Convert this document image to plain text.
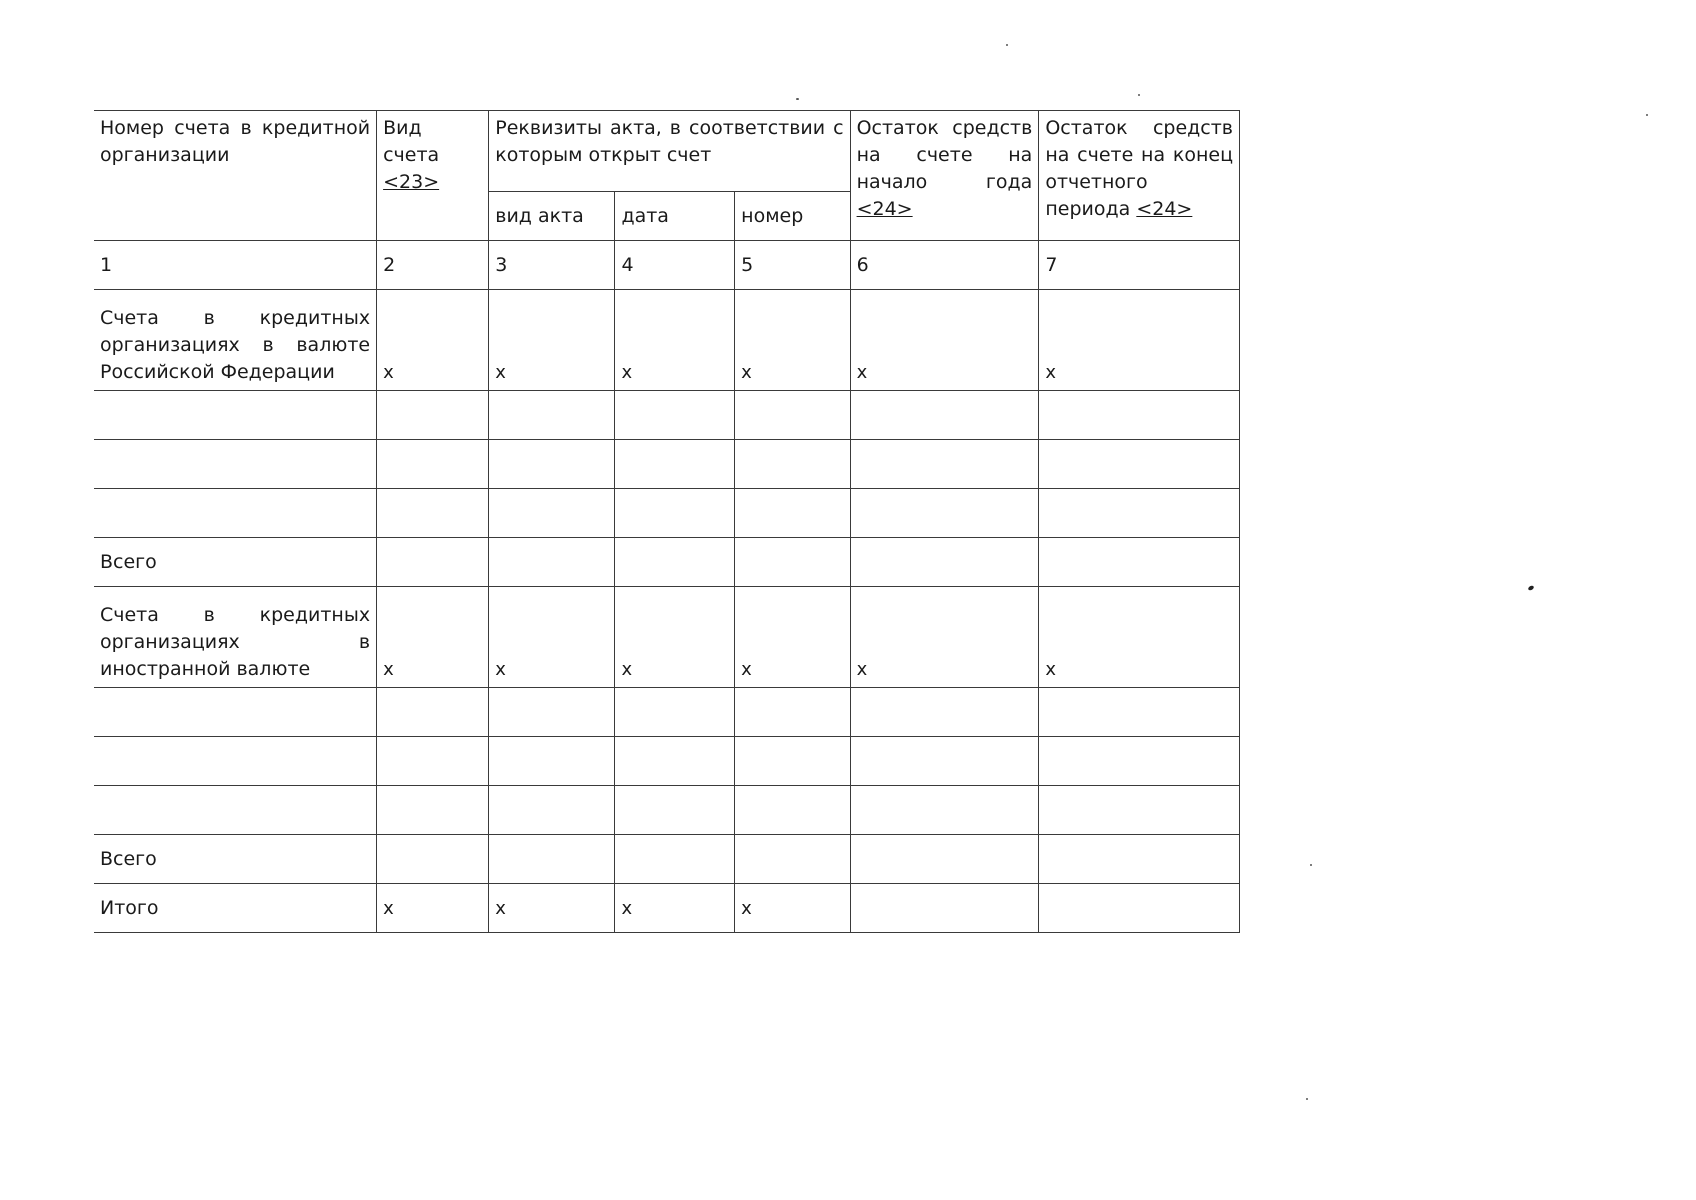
Номер счета в кредитной организации	Вид счета <23>	Реквизиты акта, в соответствии с которым открыт счет			Остаток средств на счете на начало года <24>	Остаток средств на счете на конец отчетного периода <24>
		вид акта	дата	номер		
1	2	3	4	5	6	7
Счета в кредитных организациях в валюте Российской Федерации	x	x	x	x	x	x

Всего						
Счета в кредитных организациях в иностранной валюте	x	x	x	x	x	x

Всего						
Итого	x	x	x	x		
